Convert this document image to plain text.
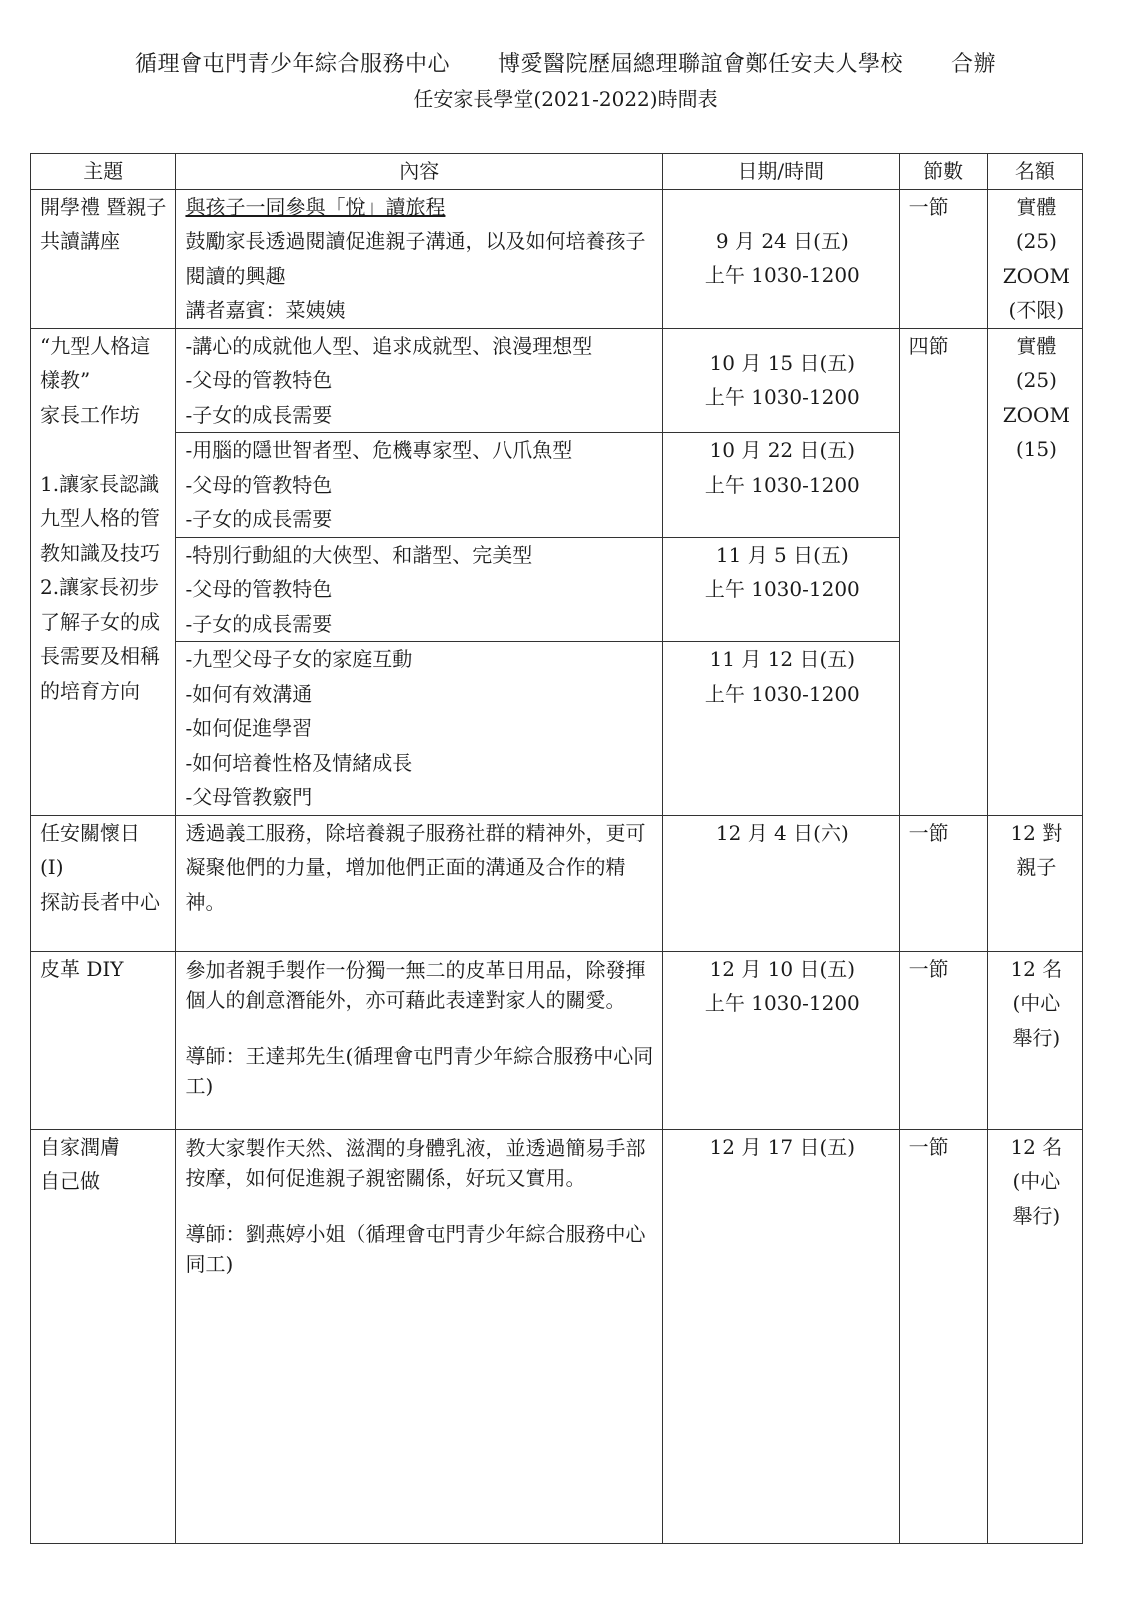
循理會屯門青少年綜合服務中心 博愛醫院歷屆總理聯誼會鄭任安夫人學校 合辦
任安家長學堂(2021-2022)時間表
主題	內容	日期/時間	節數	名額
開學禮 暨親子共讀講座	與孩子一同參與「悅」讀旅程
鼓勵家長透過閱讀促進親子溝通，以及如何培養孩子閱讀的興趣
講者嘉賓：菜姨姨	9 月 24 日(五)
上午 1030-1200	一節	實體
(25)
ZOOM
(不限)

“九型人格這樣教”
家長工作坊
1.讓家長認識九型人格的管教知識及技巧
2.讓家長初步了解子女的成長需要及相稱的培育方向	-講心的成就他人型、追求成就型、浪漫理想型
-父母的管教特色
-子女的成長需要	10 月 15 日(五)
上午 1030-1200	四節	實體
(25)
ZOOM
(15)

	-用腦的隱世智者型、危機專家型、八爪魚型
-父母的管教特色
-子女的成長需要	10 月 22 日(五)
上午 1030-1200		

	-特別行動組的大俠型、和諧型、完美型
-父母的管教特色
-子女的成長需要	11 月 5 日(五)
上午 1030-1200		

	-九型父母子女的家庭互動
-如何有效溝通
-如何促進學習
-如何培養性格及情緒成長
-父母管教竅門	11 月 12 日(五)
上午 1030-1200		

任安關懷日
(I)
探訪長者中心	透過義工服務，除培養親子服務社群的精神外，更可凝聚他們的力量，增加他們正面的溝通及合作的精神。	12 月 4 日(六)	一節	12 對
親子

皮革 DIY	參加者親手製作一份獨一無二的皮革日用品，除發揮個人的創意潛能外，亦可藉此表達對家人的關愛。
導師：王達邦先生(循理會屯門青少年綜合服務中心同工)	12 月 10 日(五)
上午 1030-1200	一節	12 名
(中心
舉行)

自家潤膚
自己做	教大家製作天然、滋潤的身體乳液，並透過簡易手部按摩，如何促進親子親密關係，好玩又實用。
導師：劉燕婷小姐（循理會屯門青少年綜合服務中心同工)	12 月 17 日(五)	一節	12 名
(中心
舉行)
